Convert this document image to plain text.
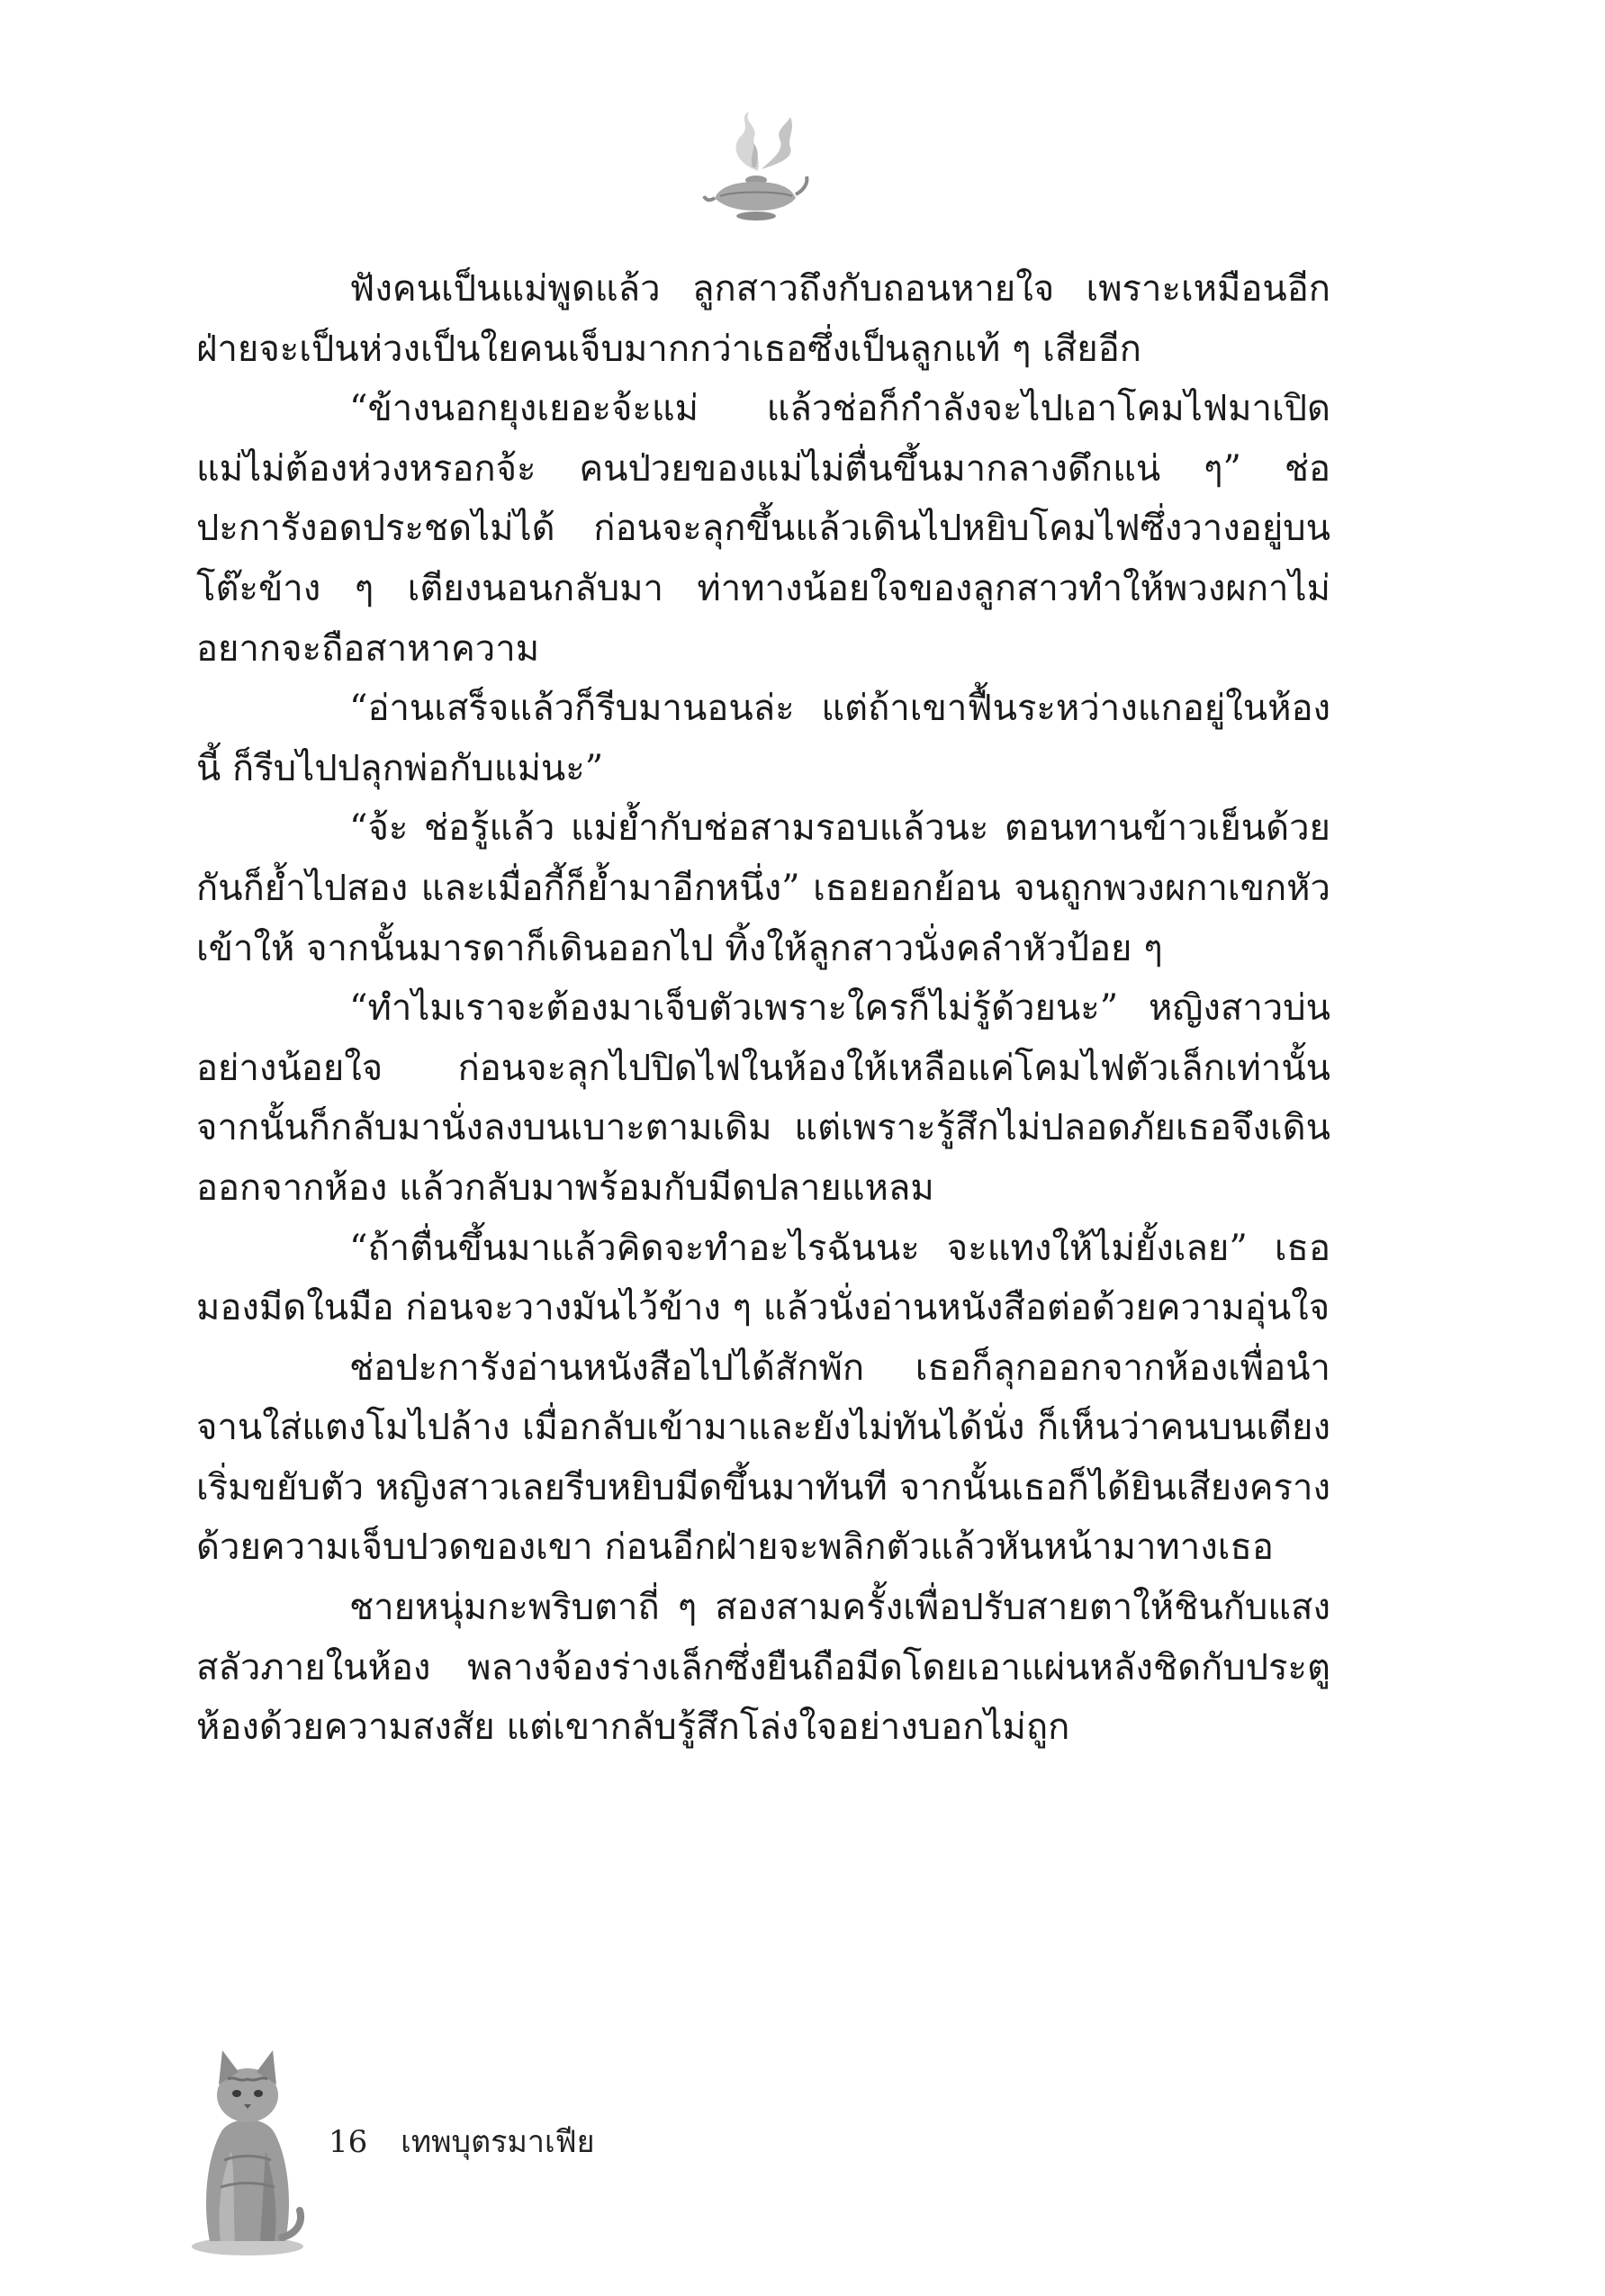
ฟังคนเป็นแม่พูดแล้ว ลูกสาวถึงกับถอนหายใจ เพราะเหมือนอีกฝ่ายจะเป็นห่วงเป็นใยคนเจ็บมากกว่าเธอซึ่งเป็นลูกแท้ ๆ เสียอีก

“ข้างนอกยุงเยอะจ้ะแม่ แล้วช่อก็กำลังจะไปเอาโคมไฟมาเปิด แม่ไม่ต้องห่วงหรอกจ้ะ คนป่วยของแม่ไม่ตื่นขึ้นมากลางดึกแน่ ๆ” ช่อปะการังอดประชดไม่ได้ ก่อนจะลุกขึ้นแล้วเดินไปหยิบโคมไฟซึ่งวางอยู่บนโต๊ะข้าง ๆ เตียงนอนกลับมา ท่าทางน้อยใจของลูกสาวทำให้พวงผกาไม่อยากจะถือสาหาความ

“อ่านเสร็จแล้วก็รีบมานอนล่ะ แต่ถ้าเขาฟื้นระหว่างแกอยู่ในห้องนี้ ก็รีบไปปลุกพ่อกับแม่นะ”

“จ้ะ ช่อรู้แล้ว แม่ย้ำกับช่อสามรอบแล้วนะ ตอนทานข้าวเย็นด้วยกันก็ย้ำไปสอง และเมื่อกี้ก็ย้ำมาอีกหนึ่ง” เธอยอกย้อน จนถูกพวงผกาเขกหัวเข้าให้ จากนั้นมารดาก็เดินออกไป ทิ้งให้ลูกสาวนั่งคลำหัวป้อย ๆ

“ทำไมเราจะต้องมาเจ็บตัวเพราะใครก็ไม่รู้ด้วยนะ” หญิงสาวบ่นอย่างน้อยใจ ก่อนจะลุกไปปิดไฟในห้องให้เหลือแค่โคมไฟตัวเล็กเท่านั้น จากนั้นก็กลับมานั่งลงบนเบาะตามเดิม แต่เพราะรู้สึกไม่ปลอดภัยเธอจึงเดินออกจากห้อง แล้วกลับมาพร้อมกับมีดปลายแหลม

“ถ้าตื่นขึ้นมาแล้วคิดจะทำอะไรฉันนะ จะแทงให้ไม่ยั้งเลย” เธอมองมีดในมือ ก่อนจะวางมันไว้ข้าง ๆ แล้วนั่งอ่านหนังสือต่อด้วยความอุ่นใจ

ช่อปะการังอ่านหนังสือไปได้สักพัก เธอก็ลุกออกจากห้องเพื่อนำจานใส่แตงโมไปล้าง เมื่อกลับเข้ามาและยังไม่ทันได้นั่ง ก็เห็นว่าคนบนเตียงเริ่มขยับตัว หญิงสาวเลยรีบหยิบมีดขึ้นมาทันที จากนั้นเธอก็ได้ยินเสียงครางด้วยความเจ็บปวดของเขา ก่อนอีกฝ่ายจะพลิกตัวแล้วหันหน้ามาทางเธอ

ชายหนุ่มกะพริบตาถี่ ๆ สองสามครั้งเพื่อปรับสายตาให้ชินกับแสงสลัวภายในห้อง พลางจ้องร่างเล็กซึ่งยืนถือมีดโดยเอาแผ่นหลังชิดกับประตูห้องด้วยความสงสัย แต่เขากลับรู้สึกโล่งใจอย่างบอกไม่ถูก

16 เทพบุตรมาเฟีย
